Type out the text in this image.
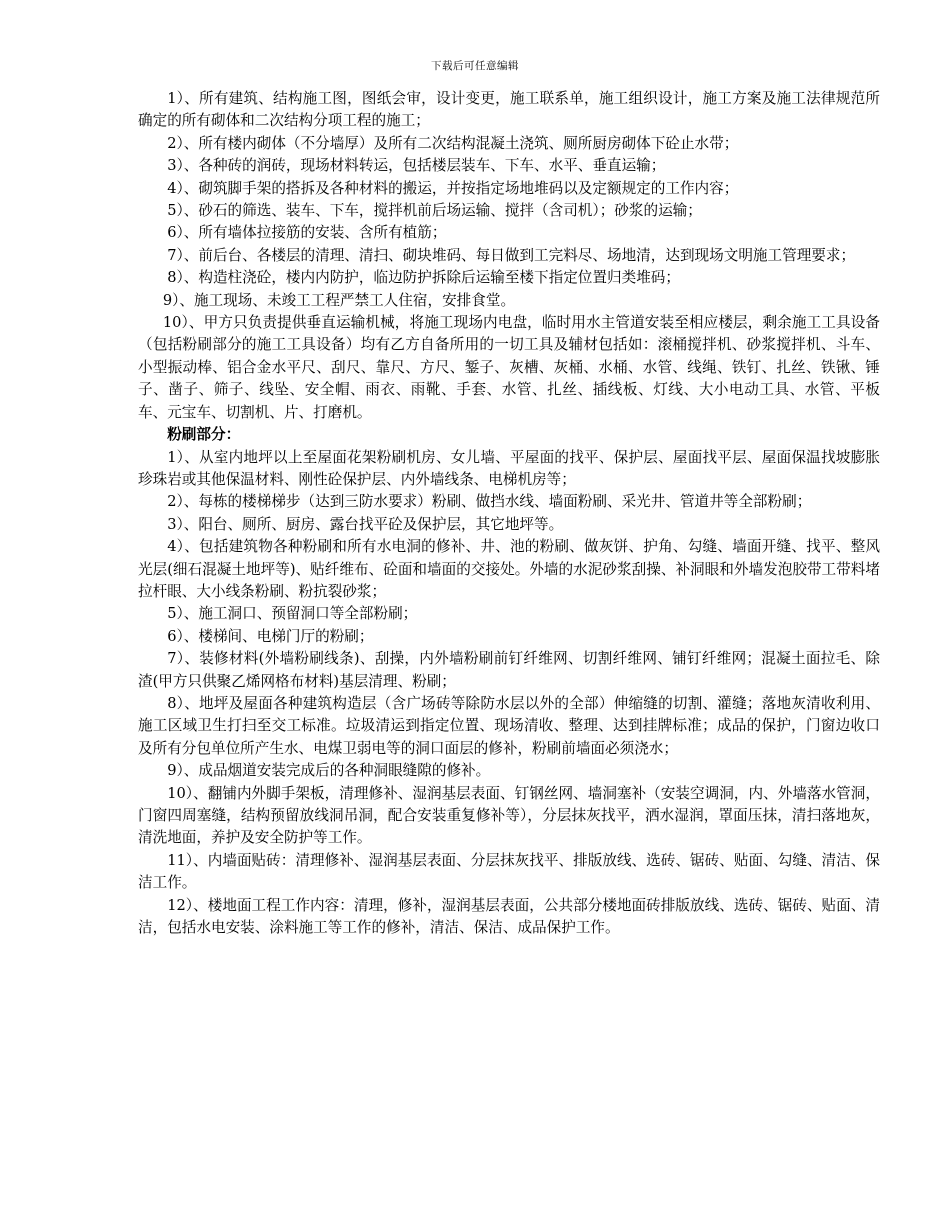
下载后可任意编辑

1）、所有建筑、结构施工图，图纸会审，设计变更，施工联系单，施工组织设计，施工方案及施工法律规范所确定的所有砌体和二次结构分项工程的施工；

2）、所有楼内砌体（不分墙厚）及所有二次结构混凝土浇筑、厕所厨房砌体下砼止水带；

3）、各种砖的润砖，现场材料转运，包括楼层装车、下车、水平、垂直运输；

4）、砌筑脚手架的搭拆及各种材料的搬运，并按指定场地堆码以及定额规定的工作内容；

5）、砂石的筛选、装车、下车，搅拌机前后场运输、搅拌（含司机）；砂浆的运输；

6）、所有墙体拉接筋的安装、含所有植筋；

7）、前后台、各楼层的清理、清扫、砌块堆码、每日做到工完料尽、场地清，达到现场文明施工管理要求；

8）、构造柱浇砼，楼内内防护，临边防护拆除后运输至楼下指定位置归类堆码；

9）、施工现场、未竣工工程严禁工人住宿，安排食堂。

10）、甲方只负责提供垂直运输机械，将施工现场内电盘，临时用水主管道安装至相应楼层，剩余施工工具设备（包括粉刷部分的施工工具设备）均有乙方自备所用的一切工具及辅材包括如：滚桶搅拌机、砂浆搅拌机、斗车、小型振动棒、铝合金水平尺、刮尺、靠尺、方尺、錾子、灰槽、灰桶、水桶、水管、线绳、铁钉、扎丝、铁锹、锤子、凿子、筛子、线坠、安全帽、雨衣、雨靴、手套、水管、扎丝、插线板、灯线、大小电动工具、水管、平板车、元宝车、切割机、片、打磨机。

粉刷部分：

1）、从室内地坪以上至屋面花架粉刷机房、女儿墙、平屋面的找平、保护层、屋面找平层、屋面保温找坡膨胀珍珠岩或其他保温材料、刚性砼保护层、内外墙线条、电梯机房等；

2）、每栋的楼梯梯步（达到三防水要求）粉刷、做挡水线、墙面粉刷、采光井、管道井等全部粉刷；

3）、阳台、厕所、厨房、露台找平砼及保护层，其它地坪等。

4）、包括建筑物各种粉刷和所有水电洞的修补、井、池的粉刷、做灰饼、护角、勾缝、墙面开缝、找平、整风光层(细石混凝土地坪等)、贴纤维布、砼面和墙面的交接处。外墙的水泥砂浆刮操、补洞眼和外墙发泡胶带工带料堵拉杆眼、大小线条粉刷、粉抗裂砂浆；

5）、施工洞口、预留洞口等全部粉刷；

6）、楼梯间、电梯门厅的粉刷；

7）、装修材料(外墙粉刷线条)、刮操，内外墙粉刷前钉纤维网、切割纤维网、铺钉纤维网；混凝土面拉毛、除渣(甲方只供聚乙烯网格布材料)基层清理、粉刷；

8）、地坪及屋面各种建筑构造层（含广场砖等除防水层以外的全部）伸缩缝的切割、灌缝；落地灰清收利用、施工区域卫生打扫至交工标准。垃圾清运到指定位置、现场清收、整理、达到挂牌标准；成品的保护，门窗边收口及所有分包单位所产生水、电煤卫弱电等的洞口面层的修补，粉刷前墙面必须浇水；

9）、成品烟道安装完成后的各种洞眼缝隙的修补。

10）、翻铺内外脚手架板，清理修补、湿润基层表面、钉钢丝网、墙洞塞补（安装空调洞，内、外墙落水管洞，门窗四周塞缝，结构预留放线洞吊洞，配合安装重复修补等），分层抹灰找平，洒水湿润，罩面压抹，清扫落地灰，清洗地面，养护及安全防护等工作。

11）、内墙面贴砖：清理修补、湿润基层表面、分层抹灰找平、排版放线、选砖、锯砖、贴面、勾缝、清洁、保洁工作。

12）、楼地面工程工作内容：清理，修补，湿润基层表面，公共部分楼地面砖排版放线、选砖、锯砖、贴面、清洁，包括水电安装、涂料施工等工作的修补，清洁、保洁、成品保护工作。
